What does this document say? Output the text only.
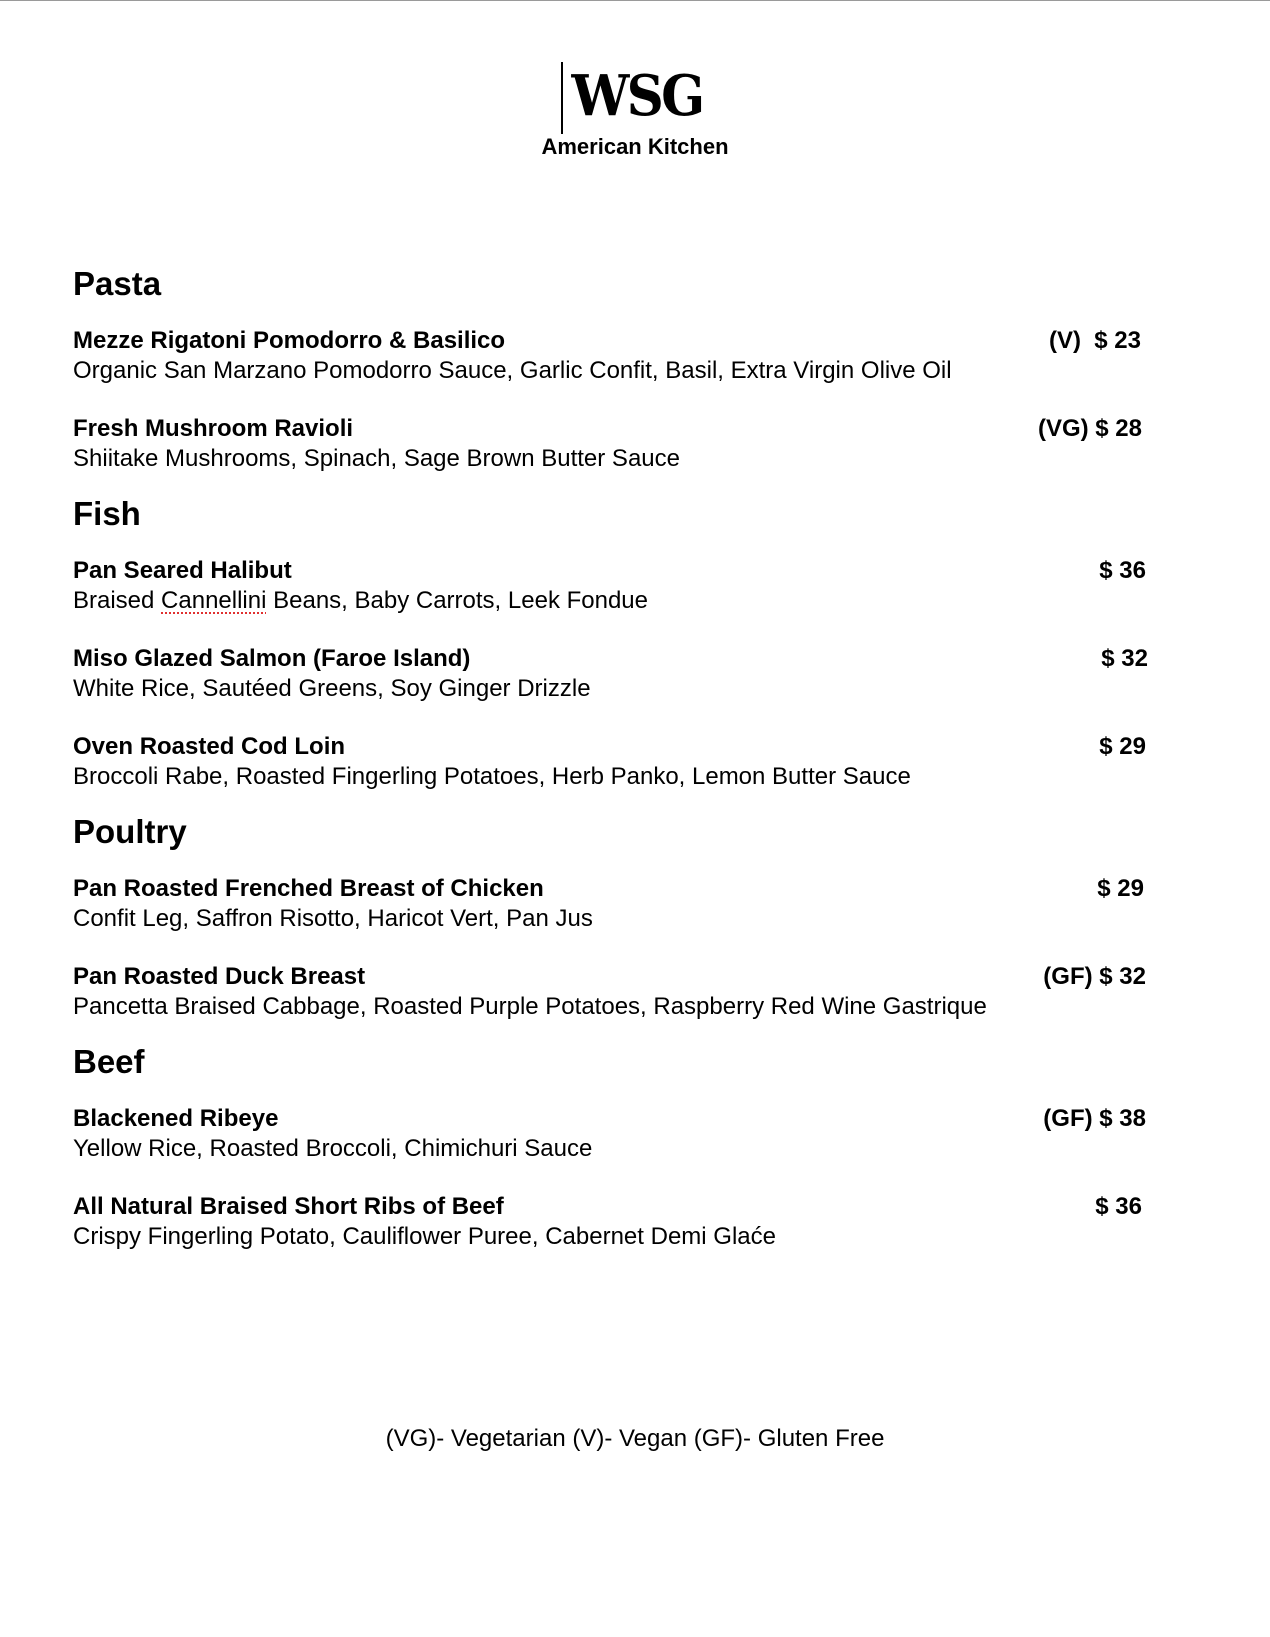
WSG
American Kitchen
Pasta
Mezze Rigatoni Pomodorro & Basilico
Organic San Marzano Pomodorro Sauce, Garlic Confit, Basil, Extra Virgin Olive Oil
(V)  $ 23
Fresh Mushroom Ravioli
Shiitake Mushrooms, Spinach, Sage Brown Butter Sauce
(VG) $ 28
Fish
Pan Seared Halibut
Braised Cannellini Beans, Baby Carrots, Leek Fondue
$ 36
Miso Glazed Salmon (Faroe Island)
White Rice, Sautéed Greens, Soy Ginger Drizzle
$ 32
Oven Roasted Cod Loin
Broccoli Rabe, Roasted Fingerling Potatoes, Herb Panko, Lemon Butter Sauce
$ 29
Poultry
Pan Roasted Frenched Breast of Chicken
Confit Leg, Saffron Risotto, Haricot Vert, Pan Jus
$ 29
Pan Roasted Duck Breast
Pancetta Braised Cabbage, Roasted Purple Potatoes, Raspberry Red Wine Gastrique
(GF) $ 32
Beef
Blackened Ribeye
Yellow Rice, Roasted Broccoli, Chimichuri Sauce
(GF) $ 38
All Natural Braised Short Ribs of Beef
Crispy Fingerling Potato, Cauliflower Puree, Cabernet Demi Glaće
$ 36
(VG)- Vegetarian (V)- Vegan (GF)- Gluten Free
